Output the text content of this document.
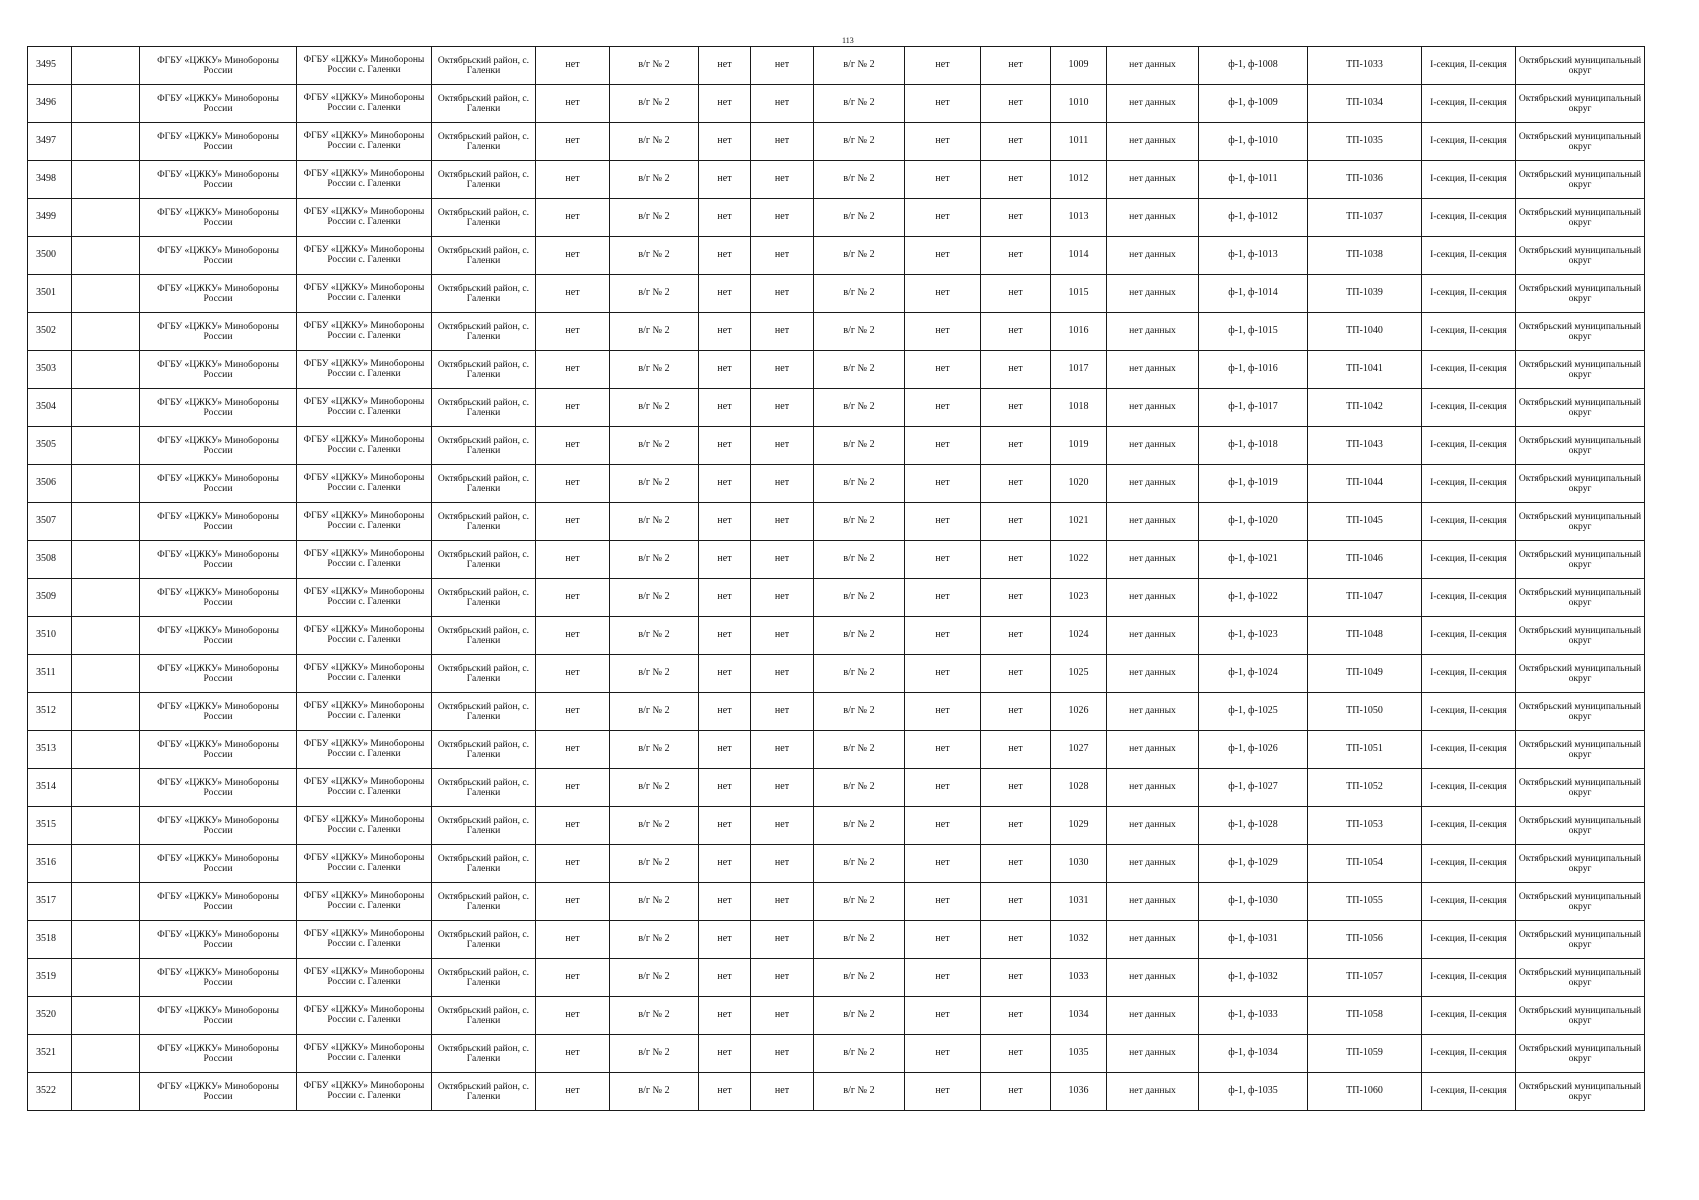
113
3495		ФГБУ «ЦЖКУ» Минобороны России	ФГБУ «ЦЖКУ» Минобороны России с. Галенки	Октябрьский район, с. Галенки	нет	в/г № 2	нет	нет	в/г № 2	нет	нет	1009	нет данных	ф-1, ф-1008	ТП-1033	I-секция, II-секция	Октябрьский муниципальный округ
3496		ФГБУ «ЦЖКУ» Минобороны России	ФГБУ «ЦЖКУ» Минобороны России с. Галенки	Октябрьский район, с. Галенки	нет	в/г № 2	нет	нет	в/г № 2	нет	нет	1010	нет данных	ф-1, ф-1009	ТП-1034	I-секция, II-секция	Октябрьский муниципальный округ
3497		ФГБУ «ЦЖКУ» Минобороны России	ФГБУ «ЦЖКУ» Минобороны России с. Галенки	Октябрьский район, с. Галенки	нет	в/г № 2	нет	нет	в/г № 2	нет	нет	1011	нет данных	ф-1, ф-1010	ТП-1035	I-секция, II-секция	Октябрьский муниципальный округ
3498		ФГБУ «ЦЖКУ» Минобороны России	ФГБУ «ЦЖКУ» Минобороны России с. Галенки	Октябрьский район, с. Галенки	нет	в/г № 2	нет	нет	в/г № 2	нет	нет	1012	нет данных	ф-1, ф-1011	ТП-1036	I-секция, II-секция	Октябрьский муниципальный округ
3499		ФГБУ «ЦЖКУ» Минобороны России	ФГБУ «ЦЖКУ» Минобороны России с. Галенки	Октябрьский район, с. Галенки	нет	в/г № 2	нет	нет	в/г № 2	нет	нет	1013	нет данных	ф-1, ф-1012	ТП-1037	I-секция, II-секция	Октябрьский муниципальный округ
3500		ФГБУ «ЦЖКУ» Минобороны России	ФГБУ «ЦЖКУ» Минобороны России с. Галенки	Октябрьский район, с. Галенки	нет	в/г № 2	нет	нет	в/г № 2	нет	нет	1014	нет данных	ф-1, ф-1013	ТП-1038	I-секция, II-секция	Октябрьский муниципальный округ
3501		ФГБУ «ЦЖКУ» Минобороны России	ФГБУ «ЦЖКУ» Минобороны России с. Галенки	Октябрьский район, с. Галенки	нет	в/г № 2	нет	нет	в/г № 2	нет	нет	1015	нет данных	ф-1, ф-1014	ТП-1039	I-секция, II-секция	Октябрьский муниципальный округ
3502		ФГБУ «ЦЖКУ» Минобороны России	ФГБУ «ЦЖКУ» Минобороны России с. Галенки	Октябрьский район, с. Галенки	нет	в/г № 2	нет	нет	в/г № 2	нет	нет	1016	нет данных	ф-1, ф-1015	ТП-1040	I-секция, II-секция	Октябрьский муниципальный округ
3503		ФГБУ «ЦЖКУ» Минобороны России	ФГБУ «ЦЖКУ» Минобороны России с. Галенки	Октябрьский район, с. Галенки	нет	в/г № 2	нет	нет	в/г № 2	нет	нет	1017	нет данных	ф-1, ф-1016	ТП-1041	I-секция, II-секция	Октябрьский муниципальный округ
3504		ФГБУ «ЦЖКУ» Минобороны России	ФГБУ «ЦЖКУ» Минобороны России с. Галенки	Октябрьский район, с. Галенки	нет	в/г № 2	нет	нет	в/г № 2	нет	нет	1018	нет данных	ф-1, ф-1017	ТП-1042	I-секция, II-секция	Октябрьский муниципальный округ
3505		ФГБУ «ЦЖКУ» Минобороны России	ФГБУ «ЦЖКУ» Минобороны России с. Галенки	Октябрьский район, с. Галенки	нет	в/г № 2	нет	нет	в/г № 2	нет	нет	1019	нет данных	ф-1, ф-1018	ТП-1043	I-секция, II-секция	Октябрьский муниципальный округ
3506		ФГБУ «ЦЖКУ» Минобороны России	ФГБУ «ЦЖКУ» Минобороны России с. Галенки	Октябрьский район, с. Галенки	нет	в/г № 2	нет	нет	в/г № 2	нет	нет	1020	нет данных	ф-1, ф-1019	ТП-1044	I-секция, II-секция	Октябрьский муниципальный округ
3507		ФГБУ «ЦЖКУ» Минобороны России	ФГБУ «ЦЖКУ» Минобороны России с. Галенки	Октябрьский район, с. Галенки	нет	в/г № 2	нет	нет	в/г № 2	нет	нет	1021	нет данных	ф-1, ф-1020	ТП-1045	I-секция, II-секция	Октябрьский муниципальный округ
3508		ФГБУ «ЦЖКУ» Минобороны России	ФГБУ «ЦЖКУ» Минобороны России с. Галенки	Октябрьский район, с. Галенки	нет	в/г № 2	нет	нет	в/г № 2	нет	нет	1022	нет данных	ф-1, ф-1021	ТП-1046	I-секция, II-секция	Октябрьский муниципальный округ
3509		ФГБУ «ЦЖКУ» Минобороны России	ФГБУ «ЦЖКУ» Минобороны России с. Галенки	Октябрьский район, с. Галенки	нет	в/г № 2	нет	нет	в/г № 2	нет	нет	1023	нет данных	ф-1, ф-1022	ТП-1047	I-секция, II-секция	Октябрьский муниципальный округ
3510		ФГБУ «ЦЖКУ» Минобороны России	ФГБУ «ЦЖКУ» Минобороны России с. Галенки	Октябрьский район, с. Галенки	нет	в/г № 2	нет	нет	в/г № 2	нет	нет	1024	нет данных	ф-1, ф-1023	ТП-1048	I-секция, II-секция	Октябрьский муниципальный округ
3511		ФГБУ «ЦЖКУ» Минобороны России	ФГБУ «ЦЖКУ» Минобороны России с. Галенки	Октябрьский район, с. Галенки	нет	в/г № 2	нет	нет	в/г № 2	нет	нет	1025	нет данных	ф-1, ф-1024	ТП-1049	I-секция, II-секция	Октябрьский муниципальный округ
3512		ФГБУ «ЦЖКУ» Минобороны России	ФГБУ «ЦЖКУ» Минобороны России с. Галенки	Октябрьский район, с. Галенки	нет	в/г № 2	нет	нет	в/г № 2	нет	нет	1026	нет данных	ф-1, ф-1025	ТП-1050	I-секция, II-секция	Октябрьский муниципальный округ
3513		ФГБУ «ЦЖКУ» Минобороны России	ФГБУ «ЦЖКУ» Минобороны России с. Галенки	Октябрьский район, с. Галенки	нет	в/г № 2	нет	нет	в/г № 2	нет	нет	1027	нет данных	ф-1, ф-1026	ТП-1051	I-секция, II-секция	Октябрьский муниципальный округ
3514		ФГБУ «ЦЖКУ» Минобороны России	ФГБУ «ЦЖКУ» Минобороны России с. Галенки	Октябрьский район, с. Галенки	нет	в/г № 2	нет	нет	в/г № 2	нет	нет	1028	нет данных	ф-1, ф-1027	ТП-1052	I-секция, II-секция	Октябрьский муниципальный округ
3515		ФГБУ «ЦЖКУ» Минобороны России	ФГБУ «ЦЖКУ» Минобороны России с. Галенки	Октябрьский район, с. Галенки	нет	в/г № 2	нет	нет	в/г № 2	нет	нет	1029	нет данных	ф-1, ф-1028	ТП-1053	I-секция, II-секция	Октябрьский муниципальный округ
3516		ФГБУ «ЦЖКУ» Минобороны России	ФГБУ «ЦЖКУ» Минобороны России с. Галенки	Октябрьский район, с. Галенки	нет	в/г № 2	нет	нет	в/г № 2	нет	нет	1030	нет данных	ф-1, ф-1029	ТП-1054	I-секция, II-секция	Октябрьский муниципальный округ
3517		ФГБУ «ЦЖКУ» Минобороны России	ФГБУ «ЦЖКУ» Минобороны России с. Галенки	Октябрьский район, с. Галенки	нет	в/г № 2	нет	нет	в/г № 2	нет	нет	1031	нет данных	ф-1, ф-1030	ТП-1055	I-секция, II-секция	Октябрьский муниципальный округ
3518		ФГБУ «ЦЖКУ» Минобороны России	ФГБУ «ЦЖКУ» Минобороны России с. Галенки	Октябрьский район, с. Галенки	нет	в/г № 2	нет	нет	в/г № 2	нет	нет	1032	нет данных	ф-1, ф-1031	ТП-1056	I-секция, II-секция	Октябрьский муниципальный округ
3519		ФГБУ «ЦЖКУ» Минобороны России	ФГБУ «ЦЖКУ» Минобороны России с. Галенки	Октябрьский район, с. Галенки	нет	в/г № 2	нет	нет	в/г № 2	нет	нет	1033	нет данных	ф-1, ф-1032	ТП-1057	I-секция, II-секция	Октябрьский муниципальный округ
3520		ФГБУ «ЦЖКУ» Минобороны России	ФГБУ «ЦЖКУ» Минобороны России с. Галенки	Октябрьский район, с. Галенки	нет	в/г № 2	нет	нет	в/г № 2	нет	нет	1034	нет данных	ф-1, ф-1033	ТП-1058	I-секция, II-секция	Октябрьский муниципальный округ
3521		ФГБУ «ЦЖКУ» Минобороны России	ФГБУ «ЦЖКУ» Минобороны России с. Галенки	Октябрьский район, с. Галенки	нет	в/г № 2	нет	нет	в/г № 2	нет	нет	1035	нет данных	ф-1, ф-1034	ТП-1059	I-секция, II-секция	Октябрьский муниципальный округ
3522		ФГБУ «ЦЖКУ» Минобороны России	ФГБУ «ЦЖКУ» Минобороны России с. Галенки	Октябрьский район, с. Галенки	нет	в/г № 2	нет	нет	в/г № 2	нет	нет	1036	нет данных	ф-1, ф-1035	ТП-1060	I-секция, II-секция	Октябрьский муниципальный округ
